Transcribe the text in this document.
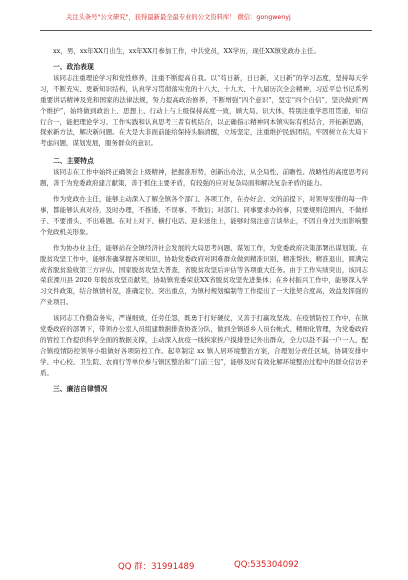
关注头条号"公文研究"，获得最新最全最专业的公文资料库！ 微信：gongwenyj

xx，男，xx年XX月出生，xx年XX月参加工作，中共党员，XX学历，现任XX镇党政办主任。

一、政治表现

该同志注重理论学习和党性修养，注重不断提高自我。以“苟日新，日日新，又日新”的学习态度，坚持每天学习，不断充实、更新知识结构，认真学习贯彻落实党的十八大、十九大、十九届历次全会精神，习近平总书记系列重要讲话精神及党和国家的法律法规，努力提高政治修养，不断增强“四个意识”，坚定“四个自信”，坚决做到“两个维护”，始终做到政治上、思想上、行动上与上级保持高度一致，顾大局、识大体，特别注重学思用贯通，知信行合一，能把理论学习、工作实践和认真思考三者有机结合，以正确指示精神同本镇实际有机结合，开拓新思路，探索新方法，解决新问题。在大是大非面前能给保持头脑清醒，立场坚定，注重维护民族团结，牢固树立在大局下考虑问题，谋划发展，服务群众的意识。

二、主要特点

该同志在工作中始终正确领会上级精神，把握准形势，创新出办法，从全局性、前瞻性、战略性的高度思考问题，善于为党委政府建言献策，善于抓住主要矛盾，有较强的应对复杂局面和解决复杂矛盾的能力。

作为党政办主任，能够主动深入了解全镇各个部门、各项工作，在办好会、文的前提下，对领导安排的每一件事，都能够认真对待，及时办理，不推诿、不误事、不数衍；对部门、同事要求办的事，只要规则范围内，不做样子、不要滑头、不出难题。在对上对下、横打电话、迎来送往上，能够时刻注意言谈举止，不因自身过失而影响整个党政机关形象。

作为协办业主任，能够站在全镇经济社会发展的大局思考问题、谋划工作，为党委政府决策部署出谋划策。在脱贫攻坚工作中，能够准确掌握各项知识，协助党委政府对困难群众做到精准识别、精准帮扶、精准退出，圆满完成省脱贫验收第三方评估、国家脱贫攻坚大普查，省脱贫攻坚后评估等各项重大任务。由于工作实绩突出，该同志荣获溧川县 2020 年脱贫攻坚贡献奖，协助镇党委荣获XX省脱贫攻坚先进集体；在乡村振兴工作中，能够深入学习文件政策，结合镇情村况，准确定位、突出重点，为镇村规划编制等工作提出了一大批契合度高、效益发挥强的产业项目。

该同志工作勤奋务实，严谨细致，任劳任怨，既勇于打好硬仗，又善于打赢攻坚战。在疫情防控工作中，在镇党委政府的部署下，带领办公室人员组建数据排查协查分队，做到全镇返乡人员台帐式、精细化管理，为党委政府的管控工作提供科学全面的数据支撑，主动深入抗疫一线挨家挨户摸排登记外出群众，全力以赴不漏一户一人，配合镇疫情防控领导小组做好各项防控工作。起草制定 xx 镇人居环境整治方案，合理划分责任区域，协调安排中学、中心校、卫生院、农商行等单位参与镇区整治和“门前三包”，能够及时有效化解环境整治过程中的群众信访矛盾。

三、廉洁自律情况

QQ 群：31991489	QQ:535304092
